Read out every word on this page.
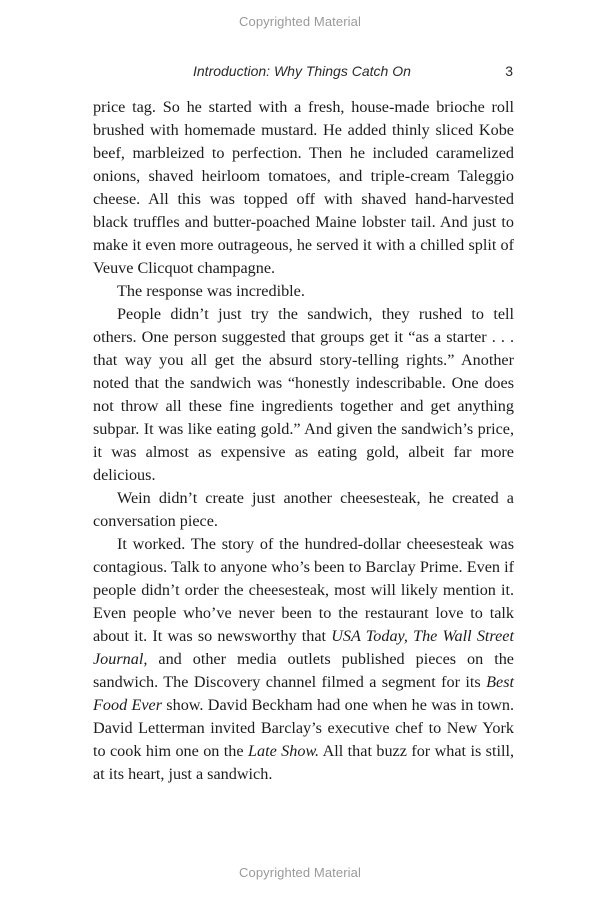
Copyrighted Material
Introduction: Why Things Catch On	3

price tag. So he started with a fresh, house-made brioche roll brushed with homemade mustard. He added thinly sliced Kobe beef, marbleized to perfection. Then he included caramelized onions, shaved heirloom tomatoes, and triple-cream Taleggio cheese. All this was topped off with shaved hand-harvested black truffles and butter-poached Maine lobster tail. And just to make it even more outrageous, he served it with a chilled split of Veuve Clicquot champagne.

The response was incredible.

People didn’t just try the sandwich, they rushed to tell others. One person suggested that groups get it “as a starter . . . that way you all get the absurd story-telling rights.” Another noted that the sandwich was “honestly indescribable. One does not throw all these fine ingredients together and get anything subpar. It was like eating gold.” And given the sandwich’s price, it was almost as expensive as eating gold, albeit far more delicious.

Wein didn’t create just another cheesesteak, he created a conversation piece.

It worked. The story of the hundred-dollar cheesesteak was contagious. Talk to anyone who’s been to Barclay Prime. Even if people didn’t order the cheesesteak, most will likely mention it. Even people who’ve never been to the restaurant love to talk about it. It was so newsworthy that USA Today, The Wall Street Journal, and other media outlets published pieces on the sandwich. The Discovery channel filmed a segment for its Best Food Ever show. David Beckham had one when he was in town. David Letterman invited Barclay’s executive chef to New York to cook him one on the Late Show. All that buzz for what is still, at its heart, just a sandwich.

Copyrighted Material
